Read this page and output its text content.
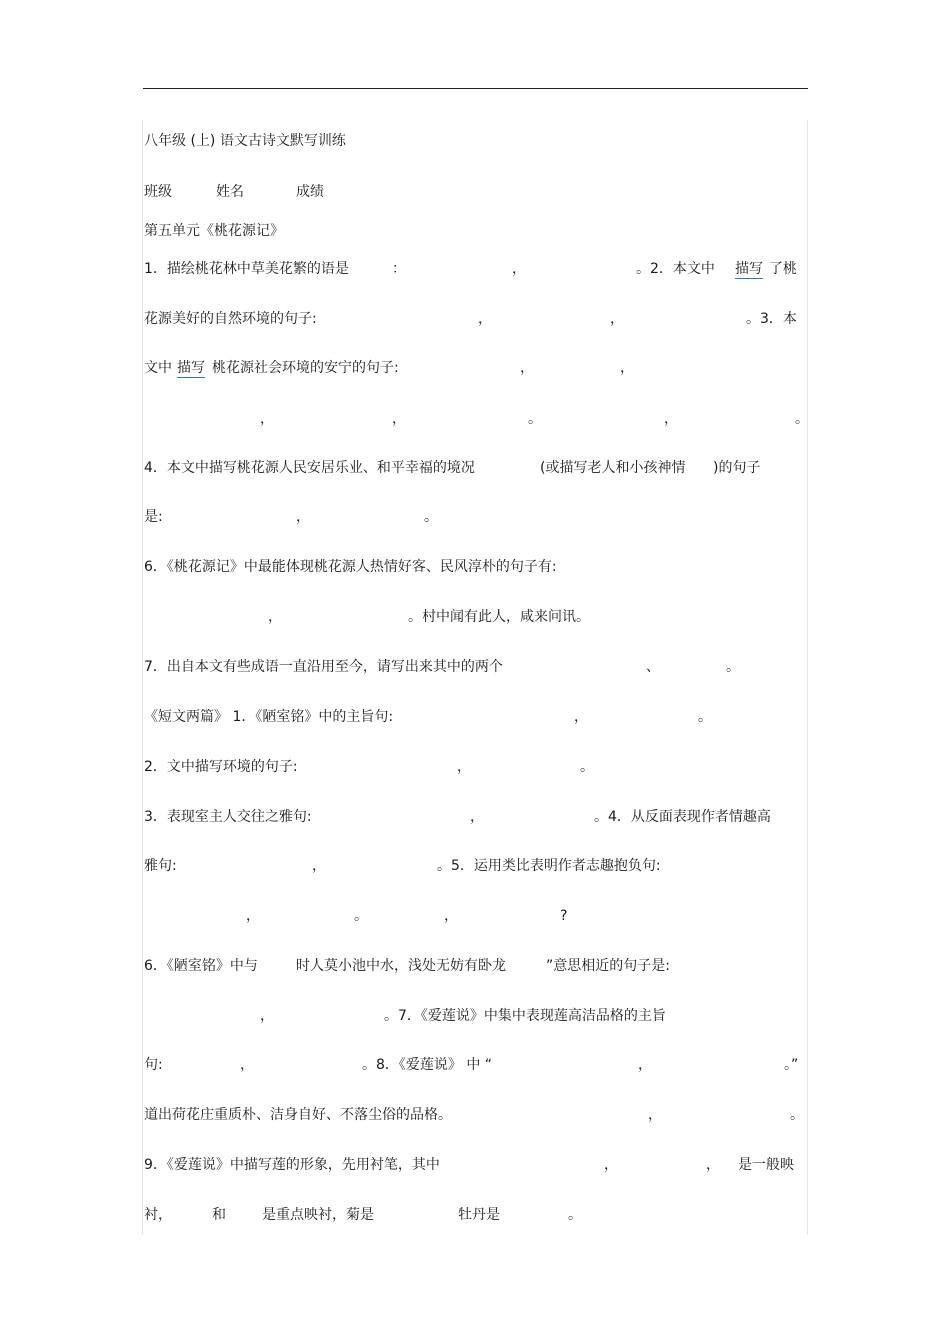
八年级 (上) 语文古诗文默写训练
班级	姓名	成绩
第五单元《桃花源记》
1．描绘桃花林中草美花繁的语是	：	，	。2．本文中 描写 了桃
花源美好的自然环境的句子:	，	，	。3．本
文中 描写 桃花源社会环境的安宁的句子:	，	，
，	，	。	，	。
4．本文中描写桃花源人民安居乐业、和平幸福的境况	(或描写老人和小孩神情 )的句子
是:	，	。
6．《桃花源记》中最能体现桃花源人热情好客、民风淳朴的句子有:
，	。村中闻有此人，咸来问讯。
7．出自本文有些成语一直沿用至今，请写出来其中的两个	、	。
《短文两篇》 1．《陋室铭》中的主旨句:	，	。
2．文中描写环境的句子:	，	。
3．表现室主人交往之雅句:	，	。4．从反面表现作者情趣高
雅句:	，	。5．运用类比表明作者志趣抱负句:
，	。	，	?
6．《陋室铭》中与	时人莫小池中水，浅处无妨有卧龙	”意思相近的句子是:
，	。7．《爱莲说》中集中表现莲高洁品格的主旨
句:	，	。8．《爱莲说》 中 “	，	。”
道出荷花庄重质朴、洁身自好、不落尘俗的品格。	，	。
9．《爱莲说》中描写莲的形象，先用衬笔，其中	，	， 是一般映
衬，	和	是重点映衬，菊是	牡丹是	。
